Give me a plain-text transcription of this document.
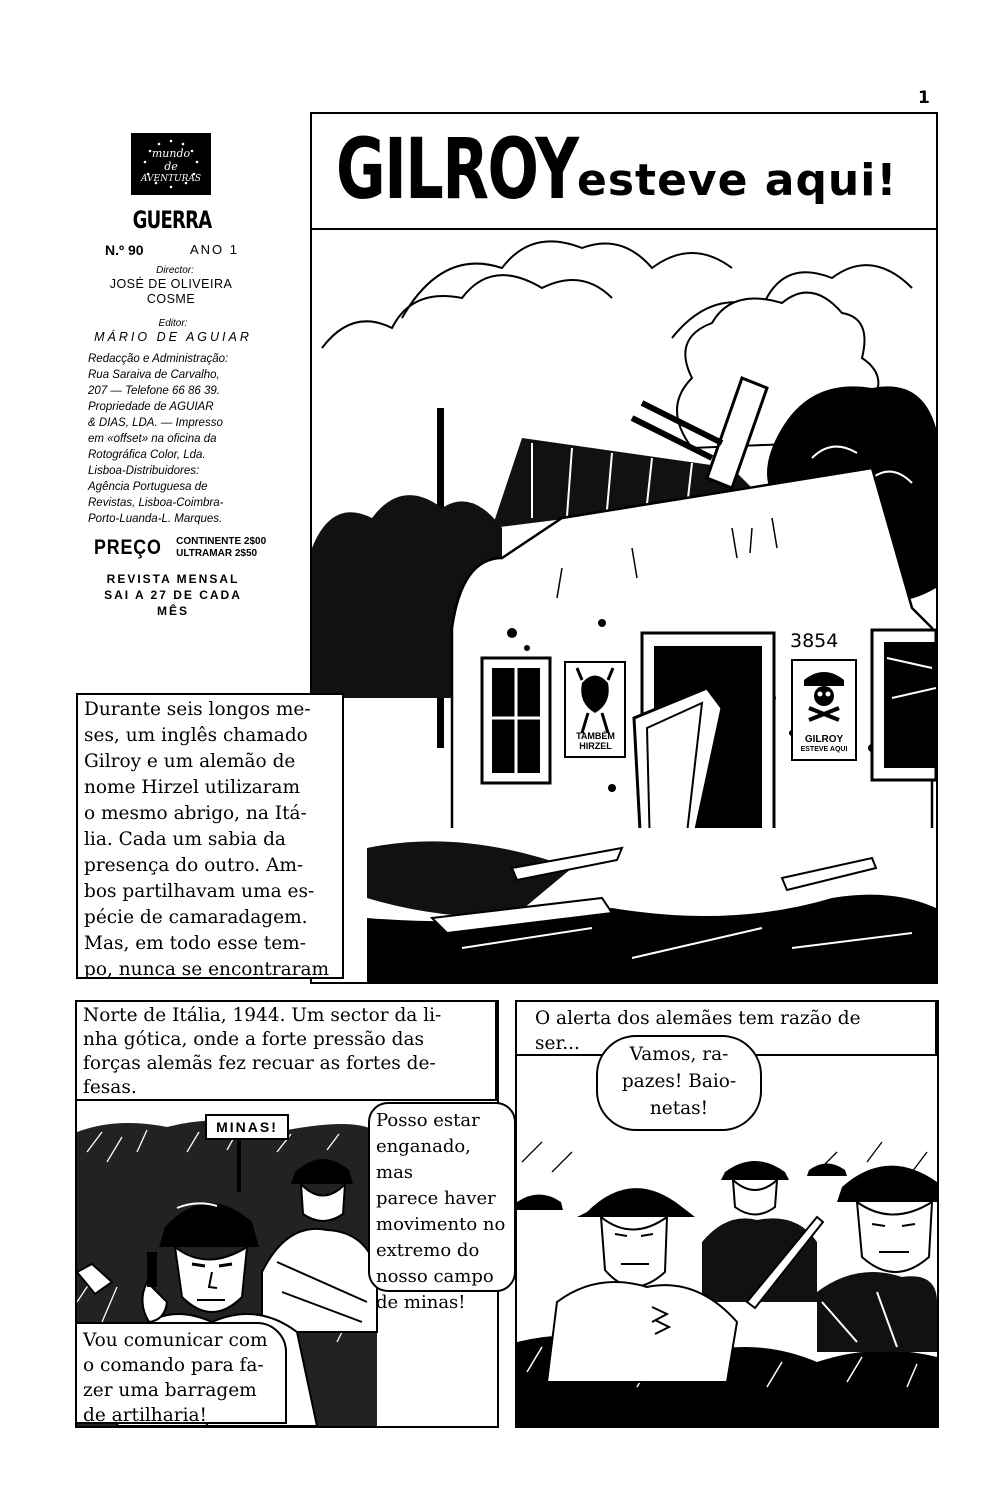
1
mundo
de
AVENTURAS
GUERRA
N.º 90	ANO 1
Director:
JOSÉ DE OLIVEIRA
COSME
Editor:
MÁRIO DE AGUIAR
Redacção e Administração:
Rua Saraiva de Carvalho,
207 — Telefone 66 86 39.
Propriedade de AGUIAR
& DIAS, LDA. — Impresso
em «offset» na oficina da
Rotográfica Color, Lda.
Lisboa-Distribuidores:
Agência Portuguesa de
Revistas, Lisboa-Coimbra-
Porto-Luanda-L. Marques.
PREÇO CONTINENTE 2$00
ULTRAMAR 2$50
REVISTA MENSAL
SAI A 27 DE CADA
MÊS
GILROY esteve aqui!
3854
TAMBÉM HIRZEL
GILROY
ESTEVE AQUI
Durante seis longos me-
ses, um inglês chamado
Gilroy e um alemão de
nome Hirzel utilizaram
o mesmo abrigo, na Itá-
lia. Cada um sabia da
presença do outro. Am-
bos partilhavam uma es-
pécie de camaradagem.
Mas, em todo esse tem-
po, nunca se encontraram
MINAS!
Norte de Itália, 1944. Um sector da li-
nha gótica, onde a forte pressão das
forças alemãs fez recuar as fortes de-
fesas.
Posso estar
enganado, mas
parece haver
movimento no
extremo do
nosso campo
de minas!
Vou comunicar com
o comando para fa-
zer uma barragem
de artilharia!
O alerta dos alemães tem razão de
ser...
Vamos, ra-
pazes! Baio-
netas!
